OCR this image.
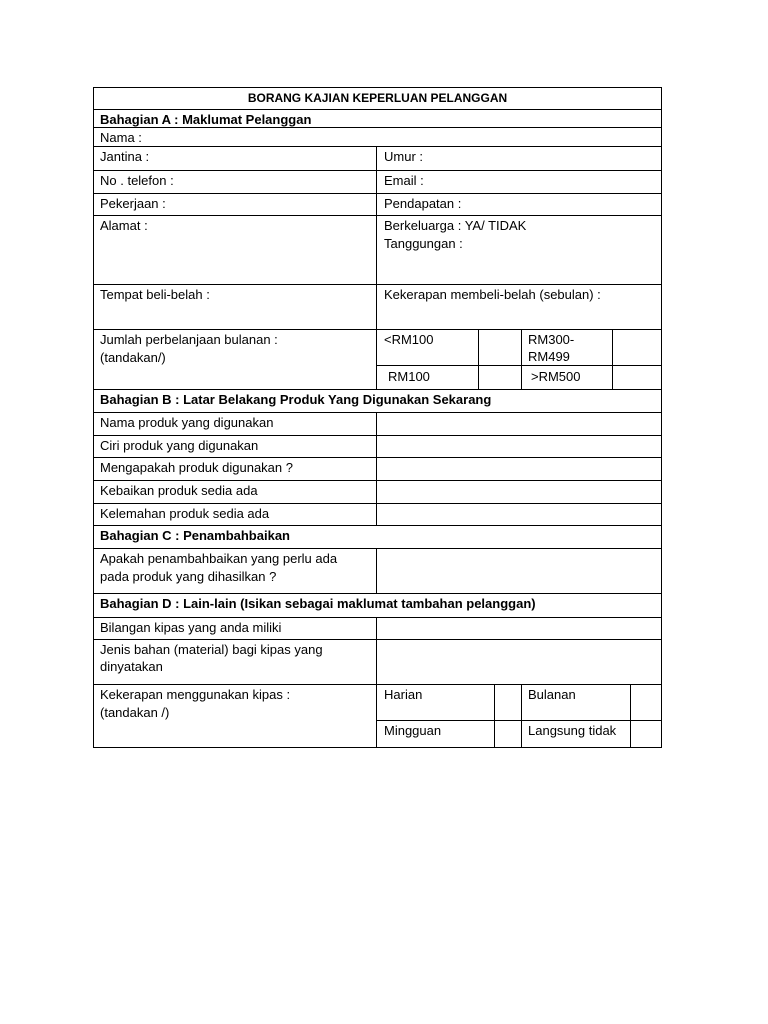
BORANG KAJIAN KEPERLUAN PELANGGAN
Bahagian A : Maklumat Pelanggan
Nama :
Jantina :	Umur :
No . telefon :	Email :
Pekerjaan :	Pendapatan :
Alamat :	Berkeluarga : YA/ TIDAK
Tanggungan :
Tempat beli-belah :	Kekerapan membeli-belah (sebulan) :
Jumlah perbelanjaan bulanan :
(tandakan/)
<RM100	RM300-
RM499
RM100	>RM500
Bahagian B : Latar Belakang Produk Yang Digunakan Sekarang
Nama produk yang digunakan
Ciri produk yang digunakan
Mengapakah produk digunakan ?
Kebaikan produk sedia ada
Kelemahan produk sedia ada
Bahagian C : Penambahbaikan
Apakah penambahbaikan yang perlu ada
pada produk yang dihasilkan ?
Bahagian D : Lain-lain (Isikan sebagai maklumat tambahan pelanggan)
Bilangan kipas yang anda miliki
Jenis bahan (material) bagi kipas yang
dinyatakan
Kekerapan menggunakan kipas :
(tandakan /)
Harian	Bulanan
Mingguan	Langsung tidak
